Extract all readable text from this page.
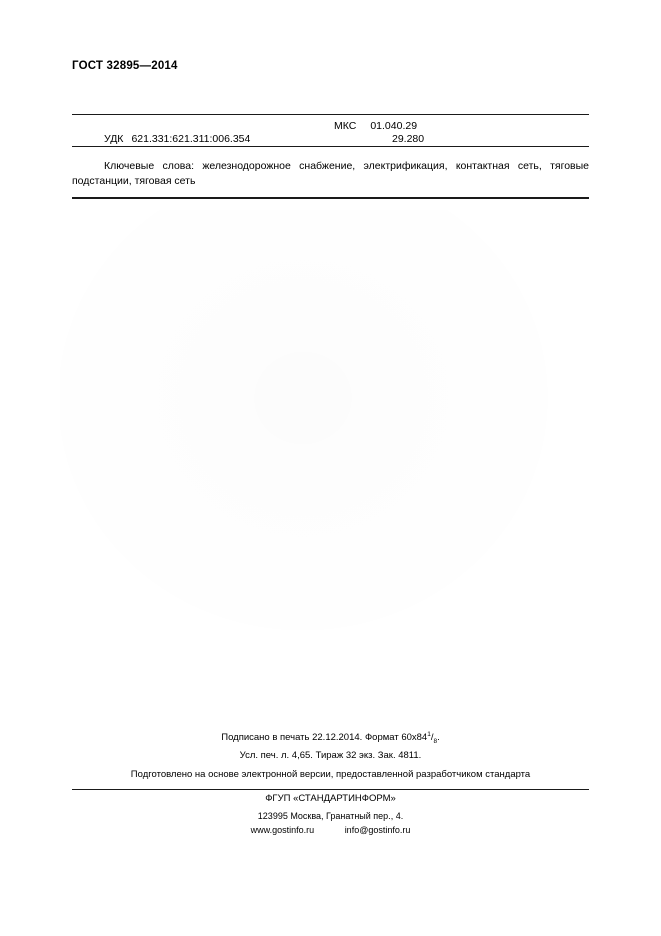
ГОСТ 32895—2014
МКС 01.040.29
29.280
УДК 621.331:621.311:006.354
Ключевые слова: железнодорожное снабжение, электрификация, контактная сеть, тяговые подстанции, тяговая сеть
Подписано в печать 22.12.2014. Формат $60х84^1/_8$.
Усл. печ. л. 4,65. Тираж 32 экз. Зак. 4811.
Подготовлено на основе электронной версии, предоставленной разработчиком стандарта
ФГУП «СТАНДАРТИНФОРМ»
123995 Москва, Гранатный пер., 4.
www.gostinfo.ru	info@gostinfo.ru
